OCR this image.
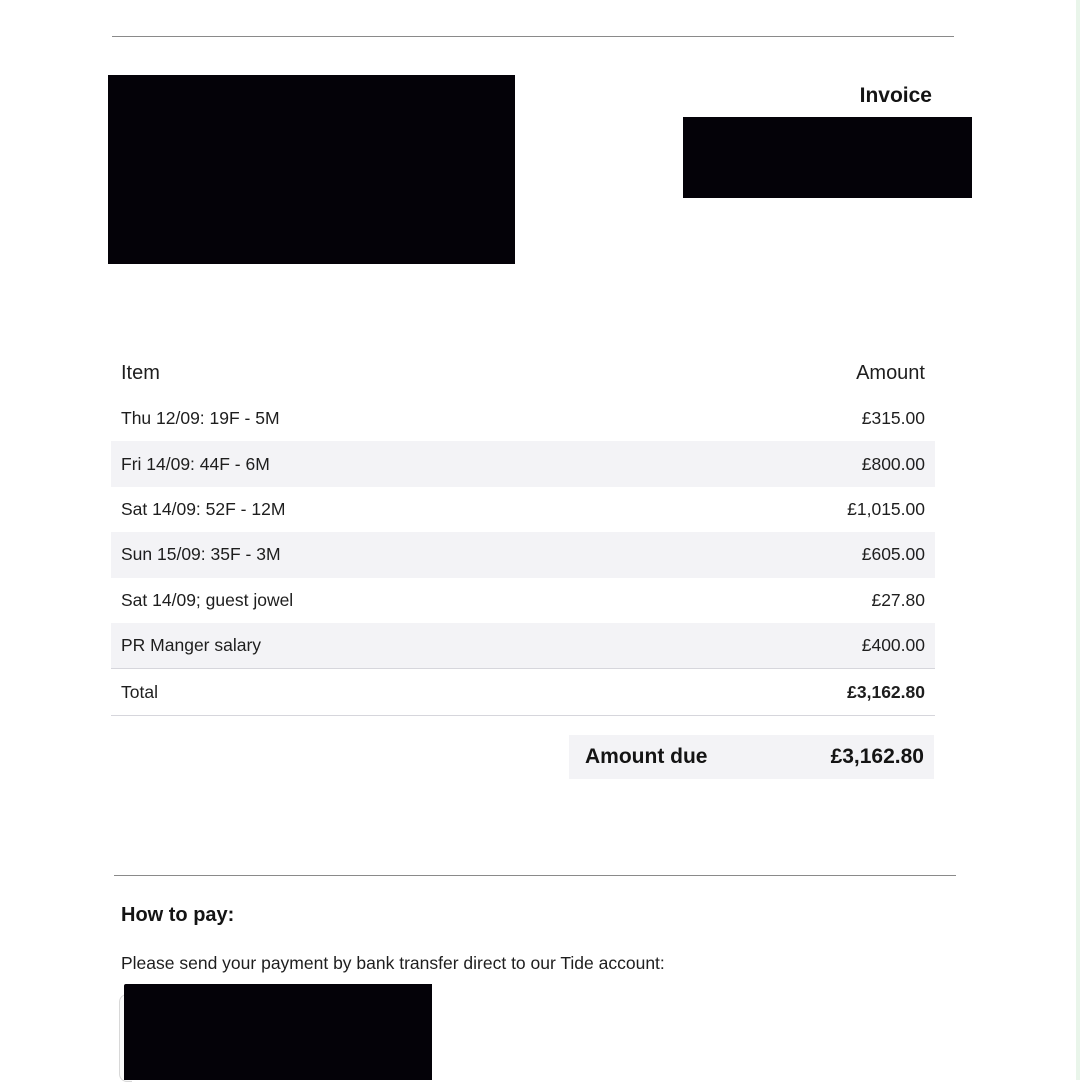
Invoice
Item	Amount
Thu 12/09: 19F - 5M	£315.00
Fri 14/09: 44F - 6M	£800.00
Sat 14/09: 52F - 12M	£1,015.00
Sun 15/09: 35F - 3M	£605.00
Sat 14/09; guest jowel	£27.80
PR Manger salary	£400.00
Total	£3,162.80
Amount due	£3,162.80
How to pay:
Please send your payment by bank transfer direct to our Tide account:
